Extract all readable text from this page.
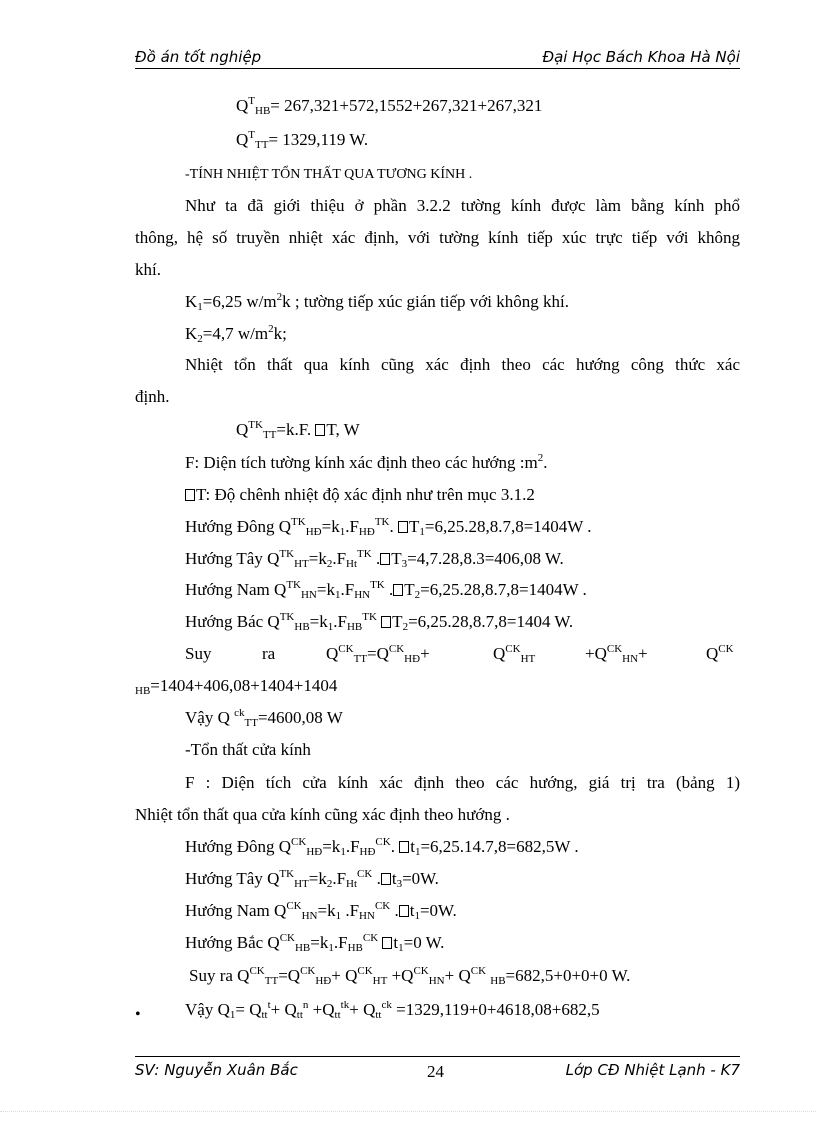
Đồ án tốt nghiệp	Đại Học Bách Khoa Hà Nội
$Q^T_{HB}= 267,321+572,1552+267,321+267,321$
$Q^T_{TT}= 1329,119$ W.
-TÍNH NHIỆT TỔN THẤT QUA TƯƠNG KÍNH .
Như ta đã giới thiệu ở phần 3.2.2 tường kính được làm bằng kính phổ
thông, hệ số truyền nhiệt xác định, với tường kính tiếp xúc trực tiếp với không
khí.
$K_1=6,25$ $w/m^2k$ ; tường tiếp xúc gián tiếp với không khí.
$K_2=4,7$ $w/m^2k$;
Nhiệt tổn thất qua kính cũng xác định theo các hướng công thức xác
định.
$Q^{TK}_{TT}=k.F$. T, W
F: Diện tích tường kính xác định theo các hướng $:m^2$.
T: Độ chênh nhiệt độ xác định như trên mục 3.1.2
Hướng Đông $Q^{TK}_{HĐ}=k_1.F_{HĐ}^{TK}$. $T_1=6,25.28,8.7,8=1404W$ .
Hướng Tây $Q^{TK}_{HT}=k_2.F_{Ht}^{TK}$ . $T_3=4,7.28,8.3=406,08$ W.
Hướng Nam $Q^{TK}_{HN}=k_1.F_{HN}^{TK}$ . $T_2=6,25.28,8.7,8=1404W$ .
Hướng Bác $Q^{TK}_{HB}=k_1.F_{HB}^{TK}$ $T_2=6,25.28,8.7,8=1404$ W.
Suy	ra	$Q^{CK}_{TT}=Q^{CK}_{HĐ}+$	$Q^{CK}_{HT}$	$+Q^{CK}_{HN}+$	$Q^{CK}$
$_{HB}$=1404+406,08+1404+1404
Vậy Q $^{ck}_{TT}$=4600,08 W
-Tổn thất cửa kính
F : Diện tích cửa kính xác định theo các hướng, giá trị tra (bảng 1)
Nhiệt tổn thất qua cửa kính cũng xác định theo hướng .
Hướng Đông $Q^{CK}_{HĐ}=k_1.F_{HĐ}^{CK}$. $t_1=6,25.14.7,8=682,5W$ .
Hướng Tây $Q^{TK}_{HT}=k_2.F_{Ht}^{CK}$ . $t_3=0W$.
Hướng Nam $Q^{CK}_{HN}=k_1$ $.F_{HN}^{CK}$ . $t_1=0W$.
Hướng Bắc $Q^{CK}_{HB}=k_1.F_{HB}^{CK}$ $t_1=0$ W.
Suy ra $Q^{CK}_{TT}=Q^{CK}_{HĐ}+ Q^{CK}_{HT} +Q^{CK}_{HN}+ Q^{CK}$ $_{HB}$=682,5+0+0+0 W.
•	Vậy $Q_1= Q_{tt}^t+ Q_{tt}^n +Q_{tt}^{tk}+ Q_{tt}^{ck} =1329,119+0+4618,08+682,5$
SV: Nguyễn Xuân Bắc	24	Lớp CĐ Nhiệt Lạnh - K7
